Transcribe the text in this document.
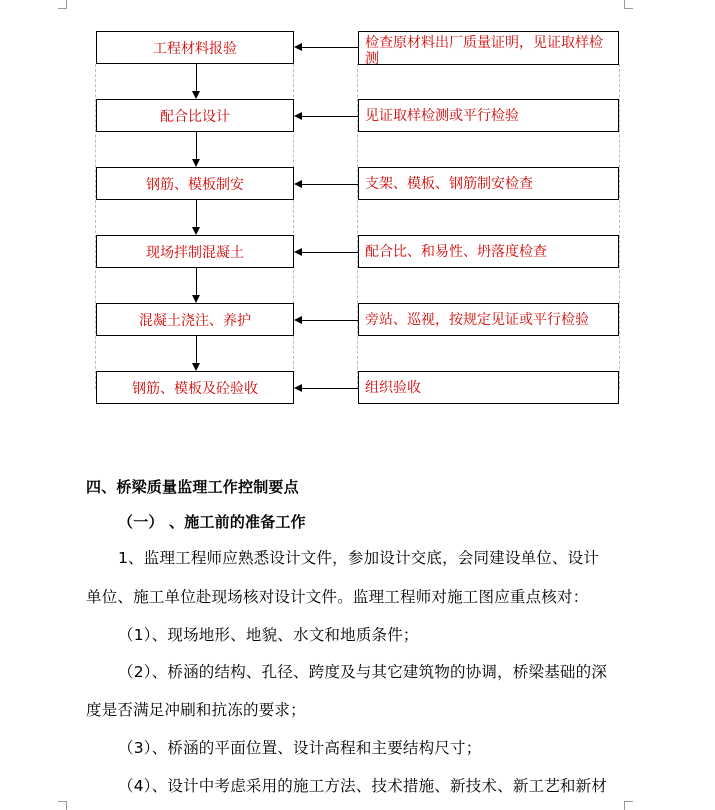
工程材料报验	检查原材料出厂质量证明，见证取样检测
配合比设计	见证取样检测或平行检验
钢筋、模板制安	支架、模板、钢筋制安检查
现场拌制混凝土	配合比、和易性、坍落度检查
混凝土浇注、养护	旁站、巡视，按规定见证或平行检验
钢筋、模板及砼验收	组织验收
四、桥梁质量监理工作控制要点
（一） 、施工前的准备工作
1、监理工程师应熟悉设计文件，参加设计交底，会同建设单位、设计
单位、施工单位赴现场核对设计文件。监理工程师对施工图应重点核对：
（1）、现场地形、地貌、水文和地质条件；
（2）、桥涵的结构、孔径、跨度及与其它建筑物的协调，桥梁基础的深
度是否满足冲刷和抗冻的要求；
（3）、桥涵的平面位置、设计高程和主要结构尺寸；
（4）、设计中考虑采用的施工方法、技术措施、新技术、新工艺和新材
